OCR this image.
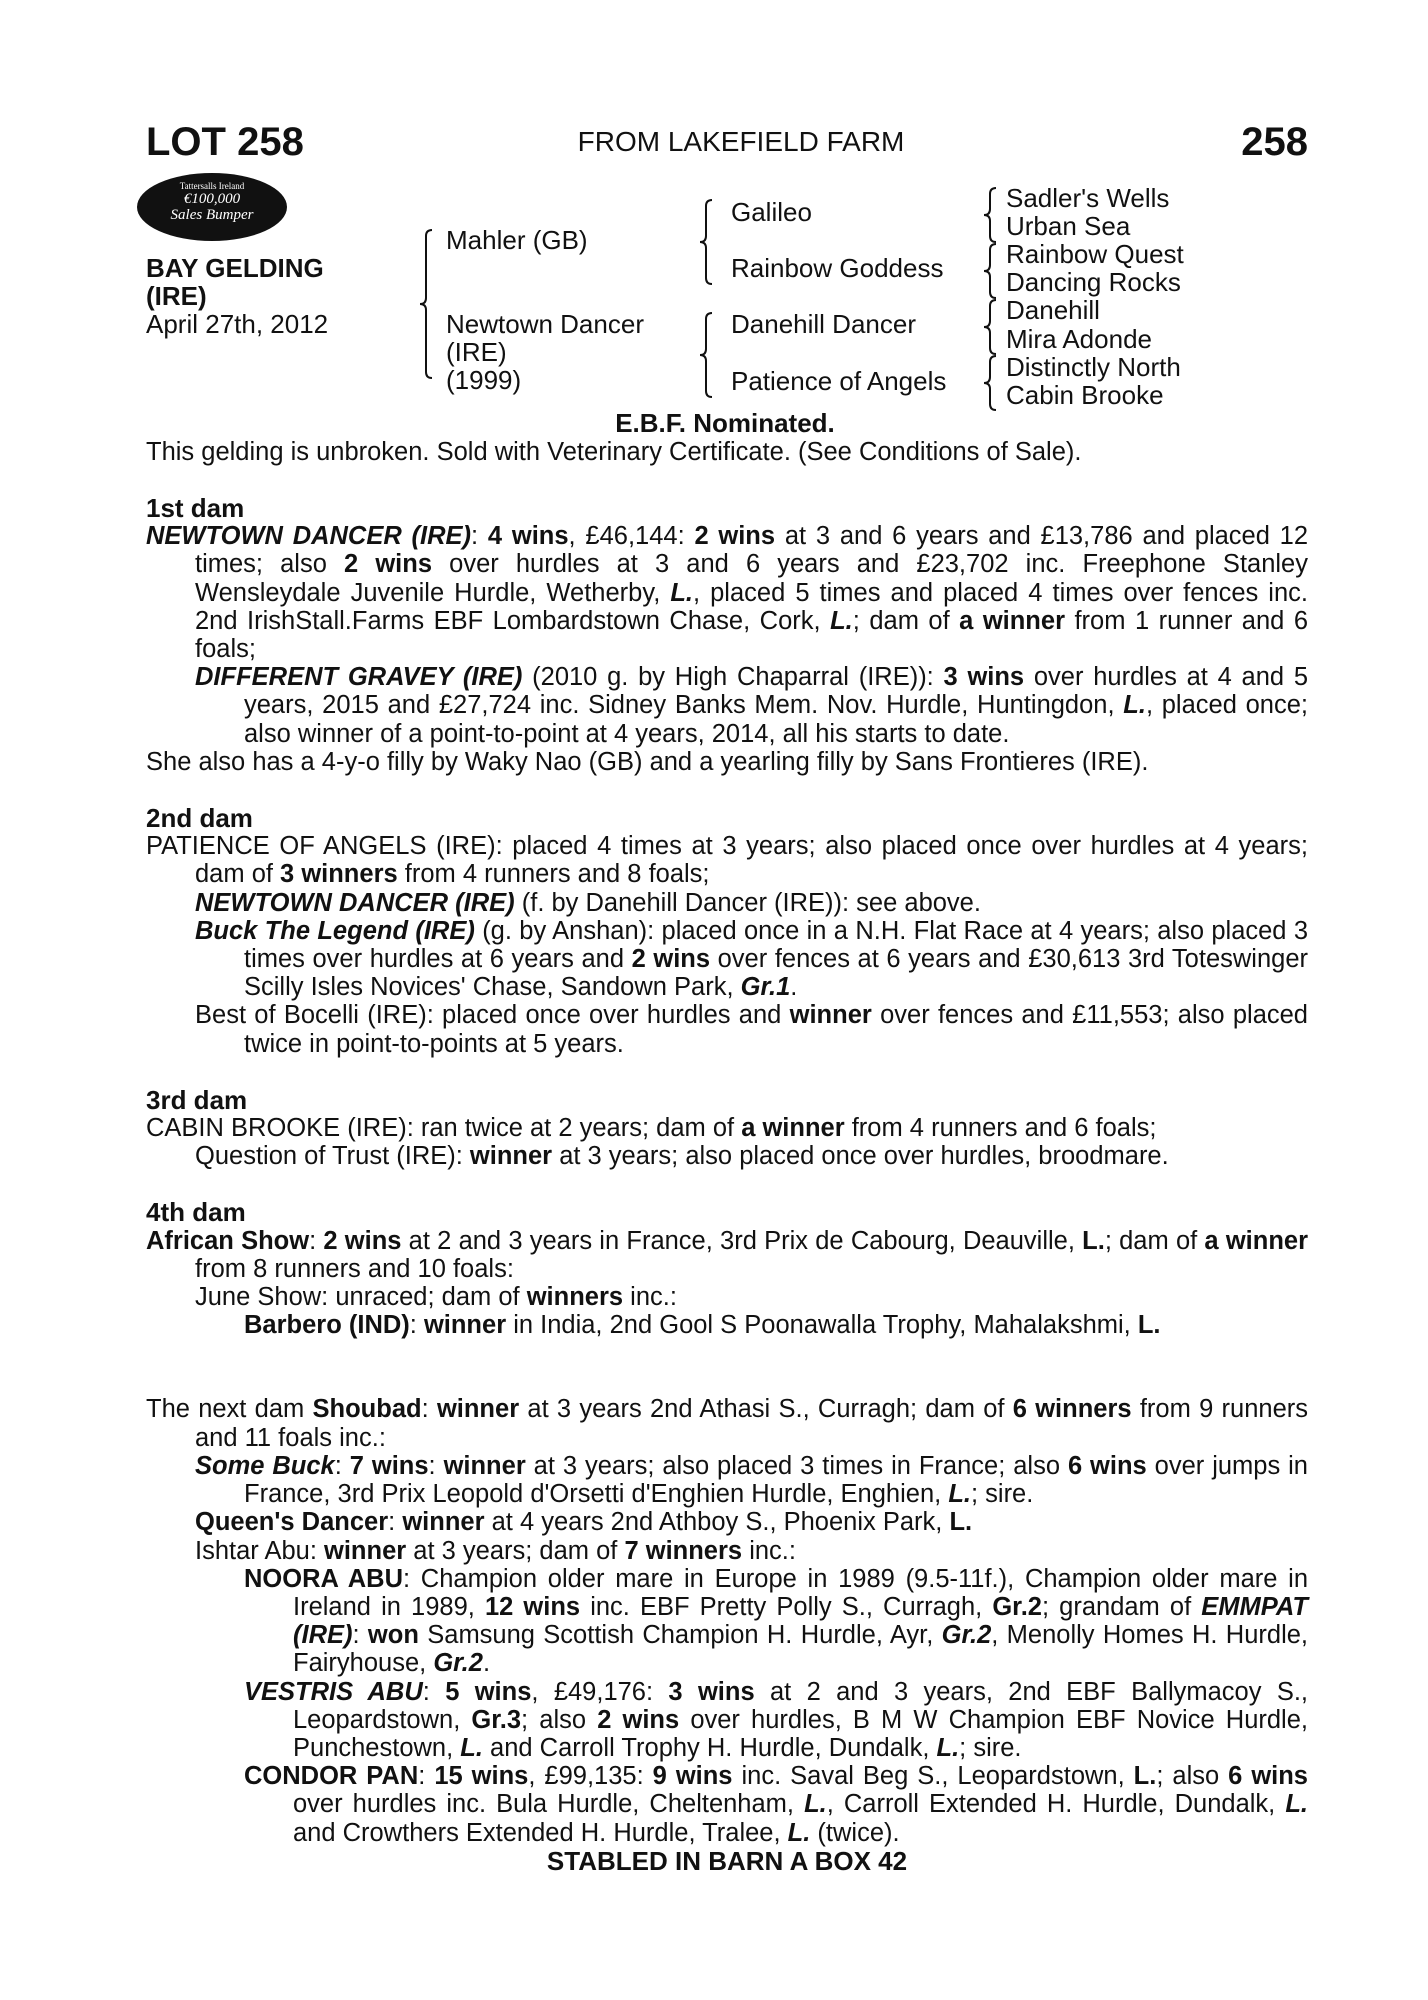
LOT 258	FROM LAKEFIELD FARM	258
Tattersalls Ireland
€100,000
Sales Bumper
BAY GELDING
(IRE)
April 27th, 2012
Mahler (GB)
Newtown Dancer
(IRE)
(1999)
Galileo
Rainbow Goddess
Danehill Dancer
Patience of Angels
Sadler's Wells
Urban Sea
Rainbow Quest
Dancing Rocks
Danehill
Mira Adonde
Distinctly North
Cabin Brooke
E.B.F. Nominated.
This gelding is unbroken. Sold with Veterinary Certificate. (See Conditions of Sale).
1st dam
NEWTOWN DANCER (IRE): 4 wins, £46,144: 2 wins at 3 and 6 years and £13,786 and placed 12 times; also 2 wins over hurdles at 3 and 6 years and £23,702 inc. Freephone Stanley Wensleydale Juvenile Hurdle, Wetherby, L., placed 5 times and placed 4 times over fences inc. 2nd IrishStall.Farms EBF Lombardstown Chase, Cork, L.; dam of a winner from 1 runner and 6 foals;
DIFFERENT GRAVEY (IRE) (2010 g. by High Chaparral (IRE)): 3 wins over hurdles at 4 and 5 years, 2015 and £27,724 inc. Sidney Banks Mem. Nov. Hurdle, Huntingdon, L., placed once; also winner of a point-to-point at 4 years, 2014, all his starts to date.
She also has a 4-y-o filly by Waky Nao (GB) and a yearling filly by Sans Frontieres (IRE).
2nd dam
PATIENCE OF ANGELS (IRE): placed 4 times at 3 years; also placed once over hurdles at 4 years; dam of 3 winners from 4 runners and 8 foals;
NEWTOWN DANCER (IRE) (f. by Danehill Dancer (IRE)): see above.
Buck The Legend (IRE) (g. by Anshan): placed once in a N.H. Flat Race at 4 years; also placed 3 times over hurdles at 6 years and 2 wins over fences at 6 years and £30,613 3rd Toteswinger Scilly Isles Novices' Chase, Sandown Park, Gr.1.
Best of Bocelli (IRE): placed once over hurdles and winner over fences and £11,553; also placed twice in point-to-points at 5 years.
3rd dam
CABIN BROOKE (IRE): ran twice at 2 years; dam of a winner from 4 runners and 6 foals;
Question of Trust (IRE): winner at 3 years; also placed once over hurdles, broodmare.
4th dam
African Show: 2 wins at 2 and 3 years in France, 3rd Prix de Cabourg, Deauville, L.; dam of a winner from 8 runners and 10 foals:
June Show: unraced; dam of winners inc.:
Barbero (IND): winner in India, 2nd Gool S Poonawalla Trophy, Mahalakshmi, L.
The next dam Shoubad: winner at 3 years 2nd Athasi S., Curragh; dam of 6 winners from 9 runners and 11 foals inc.:
Some Buck: 7 wins: winner at 3 years; also placed 3 times in France; also 6 wins over jumps in France, 3rd Prix Leopold d'Orsetti d'Enghien Hurdle, Enghien, L.; sire.
Queen's Dancer: winner at 4 years 2nd Athboy S., Phoenix Park, L.
Ishtar Abu: winner at 3 years; dam of 7 winners inc.:
NOORA ABU: Champion older mare in Europe in 1989 (9.5-11f.), Champion older mare in Ireland in 1989, 12 wins inc. EBF Pretty Polly S., Curragh, Gr.2; grandam of EMMPAT (IRE): won Samsung Scottish Champion H. Hurdle, Ayr, Gr.2, Menolly Homes H. Hurdle, Fairyhouse, Gr.2.
VESTRIS ABU: 5 wins, £49,176: 3 wins at 2 and 3 years, 2nd EBF Ballymacoy S., Leopardstown, Gr.3; also 2 wins over hurdles, B M W Champion EBF Novice Hurdle, Punchestown, L. and Carroll Trophy H. Hurdle, Dundalk, L.; sire.
CONDOR PAN: 15 wins, £99,135: 9 wins inc. Saval Beg S., Leopardstown, L.; also 6 wins over hurdles inc. Bula Hurdle, Cheltenham, L., Carroll Extended H. Hurdle, Dundalk, L. and Crowthers Extended H. Hurdle, Tralee, L. (twice).
STABLED IN BARN A BOX 42
